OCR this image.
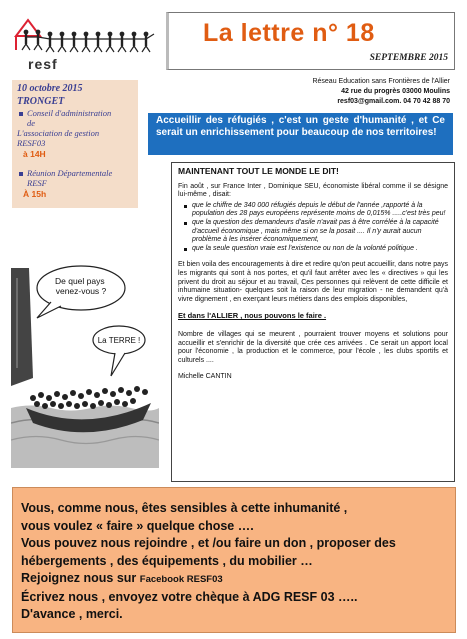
resf
La lettre n° 18
SEPTEMBRE 2015
10 octobre 2015
TRONGET
Conseil d'administration
de
L'association de gestion
RESF03
à 14H
Réunion Départementale
RESF
À 15h
Réseau Education sans Frontières de l'Allier
42 rue du progrès 03000 Moulins
resf03@gmail.com. 04 70 42 88 70
Accueillir des réfugiés , c'est un geste d'humanité , et Ce serait un enrichissement pour beaucoup de nos territoires!
De quel pays venez-vous ?
La TERRE !
MAINTENANT TOUT LE MONDE LE DIT!
Fin août , sur France Inter , Dominique SEU, économiste libéral comme il se désigne lui-même , disait:
que le chiffre de 340 000 réfugiés depuis le début de l'année ,rapporté à la population des 28 pays européens représente moins de 0,015% .....c'est très peu!
que la question des demandeurs d'asile n'avait pas à être corrélée à la capacité d'accueil économique , mais même si on se la posait .... Il n'y aurait aucun problème à les insérer économiquement,
que la seule question vraie est l'existence ou non de la volonté politique .
Et bien voila des encouragements à dire et redire qu'on peut accueillir, dans notre pays les migrants qui sont à nos portes, et qu'il faut arrêter avec les « directives » qui les privent du droit au séjour et au travail, Ces personnes qui relèvent de cette difficile et inhumaine situation- quelques soit la raison de leur migration - ne demandent qu'à vivre dignement , en exerçant leurs métiers dans des emplois disponibles,
Et dans l'ALLIER , nous pouvons le faire .
Nombre de villages qui se meurent , pourraient trouver moyens et solutions pour accueillir et s'enrichir de la diversité que crée ces arrivées . Ce serait un apport local pour l'économie , la production et le commerce, pour l'école , les clubs sportifs et culturels ....
Michelle CANTIN
Vous, comme nous, êtes sensibles à cette inhumanité ,
vous voulez « faire » quelque chose ….
Vous pouvez nous rejoindre , et /ou faire un don , proposer des hébergements , des équipements , du mobilier …
Rejoignez nous sur Facebook RESF03
Écrivez nous , envoyez votre chèque à ADG RESF 03 …..
D'avance , merci.
